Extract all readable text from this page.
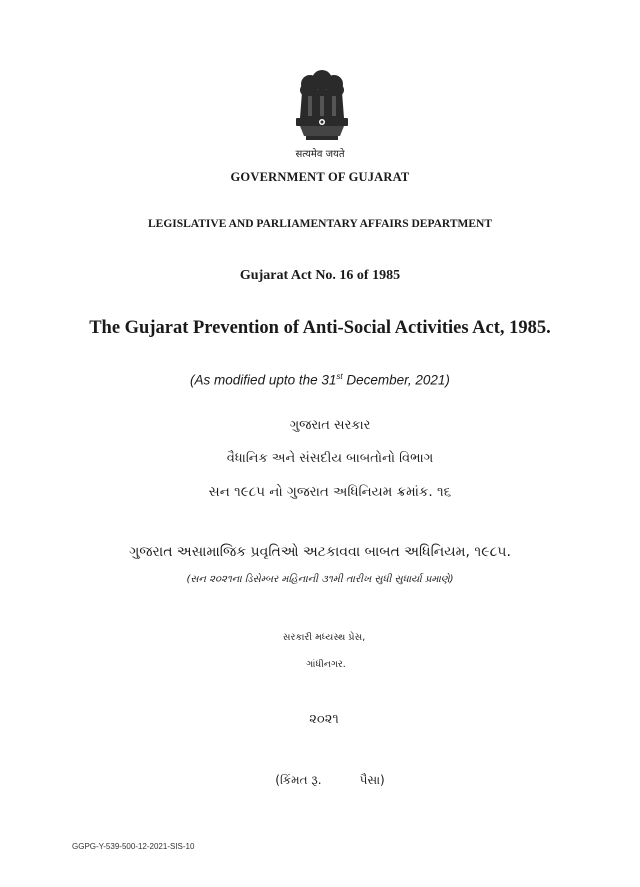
सत्यमेव जयते
GOVERNMENT OF GUJARAT
LEGISLATIVE AND PARLIAMENTARY AFFAIRS DEPARTMENT
Gujarat Act No. 16 of 1985
The Gujarat Prevention of Anti-Social Activities Act, 1985.
(As modified upto the 31st December, 2021)
ગુજરાત સરકાર
વૈધાનિક અને સંસદીય બાબતોનો વિભાગ
સન ૧૯૮૫ નો ગુજરાત અધિનિયમ ક્રમાંક. ૧૬
ગુજરાત અસામાજિક પ્રવૃતિઓ અટકાવવા બાબત અધિનિયમ, ૧૯૮૫.
(સન ૨૦૨૧ના ડિસેમ્બર મહિનાની ૩૧મી તારીખ સુધી સુધાર્યા પ્રમાણે)
સરકારી મધ્યસ્થ પ્રેસ,
ગાંધીનગર.
૨૦૨૧
(કિંમત રૂ.	પૈસા)
GGPG-Y-539-500-12-2021-SIS-10
